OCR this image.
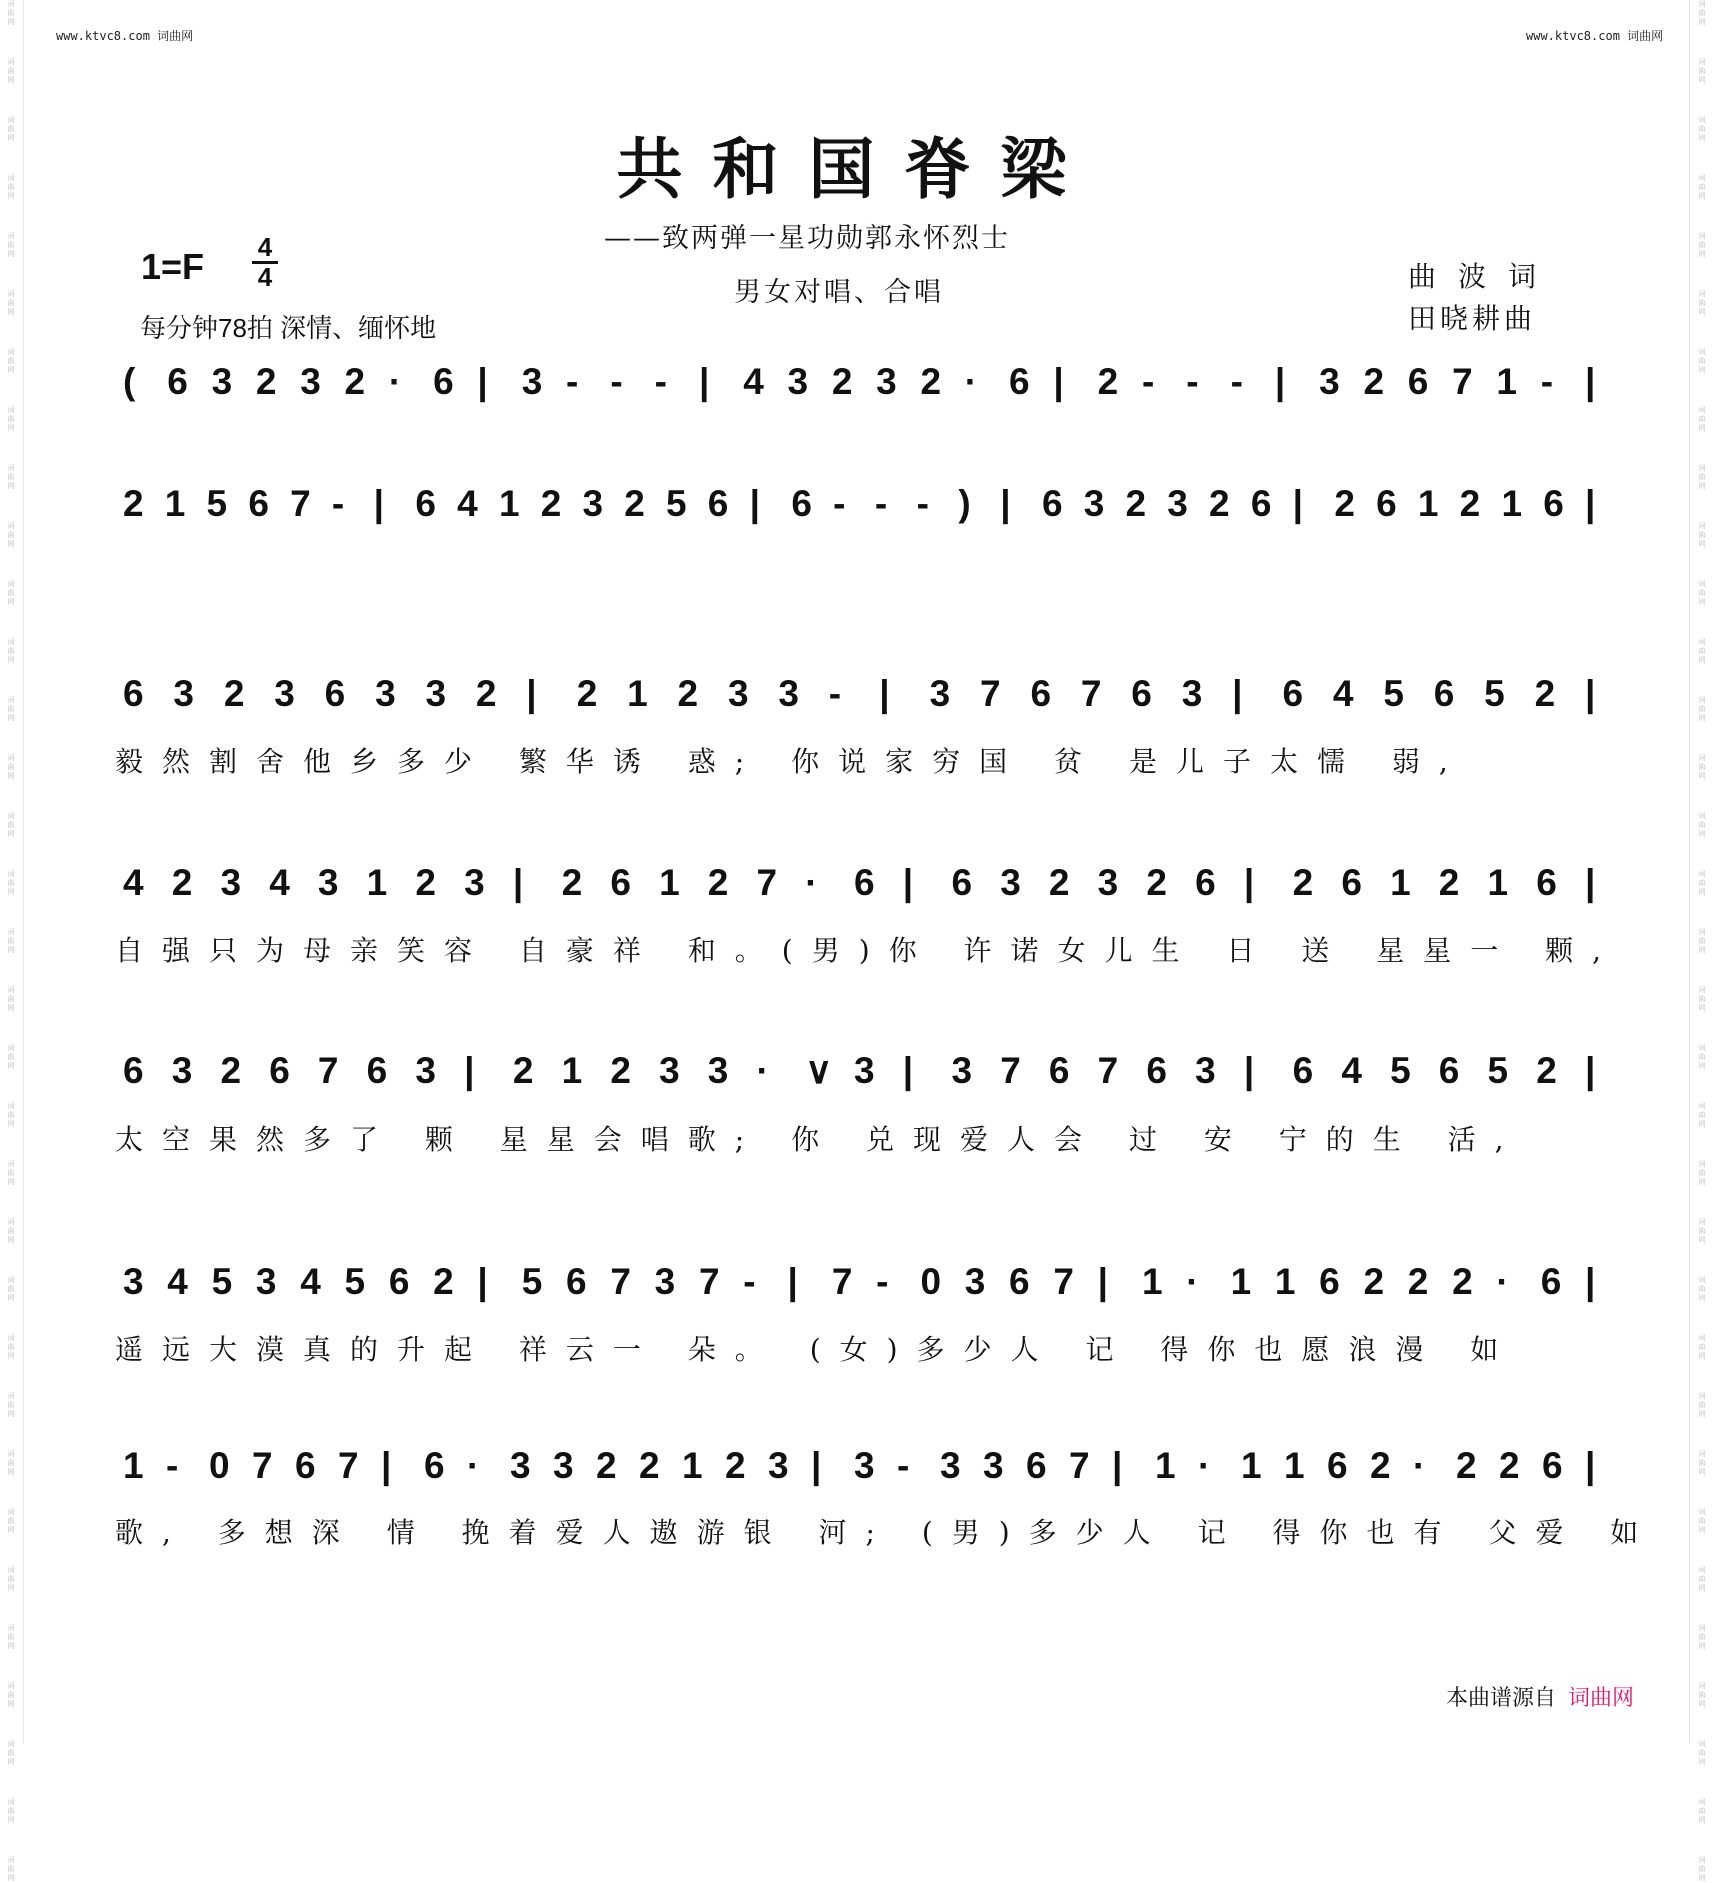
词
曲
网
词
曲
网
词
曲
网
词
曲
网
词
曲
网
词
曲
网
词
曲
网
词
曲
网
词
曲
网
词
曲
网
词
曲
网
词
曲
网
词
曲
网
词
曲
网
词
曲
网
词
曲
网
词
曲
网
词
曲
网
词
曲
网
词
曲
网
词
曲
网
词
曲
网
词
曲
网
词
曲
网
词
曲
网
词
曲
网
词
曲
网
词
曲
网
词
曲
网
词
曲
网
词
曲
网
词
曲
网
词
曲
网
词
曲
网
词
曲
网
词
曲
网
词
曲
网
词
曲
网
词
曲
网
词
曲
网
词
曲
网
词
曲
网
词
曲
网
词
曲
网
词
曲
网
词
曲
网
词
曲
网
词
曲
网
词
曲
网
词
曲
网
词
曲
网
词
曲
网
词
曲
网
词
曲
网
词
曲
网
词
曲
网
词
曲
网
词
曲
网
词
曲
网
词
曲
网
词
曲
网
词
曲
网
词
曲
网
词
曲
网
词
曲
网
词
曲
网
www.ktvc8.com 词曲网	www.ktvc8.com 词曲网
共和国脊梁
——致两弹一星功勋郭永怀烈士
男女对唱、合唱	曲波词
田晓耕曲
1=F 4
4
每分钟78拍 深情、缅怀地
( 6 3 2 3 2 · 6 | 3 - - - | 4 3 2 3 2 · 6 | 2 - - - | 3 2 6 7 1 - |
2 1 5 6 7 - | 6 4 1 2 3 2 5 6 | 6 - - - ) | 6 3 2 3 2 6 | 2 6 1 2 1 6 |
6 3 2 3 6 3 3 2 | 2 1 2 3 3 - | 3 7 6 7 6 3 | 6 4 5 6 5 2 |
毅然割舍他乡多少 繁华诱 惑; 你说家穷国 贫 是儿子太懦 弱,
4 2 3 4 3 1 2 3 | 2 6 1 2 7 · 6 | 6 3 2 3 2 6 | 2 6 1 2 1 6 |
自强只为母亲笑容 自豪祥 和。(男)你 许诺女儿生 日 送 星星一 颗,
6 3 2 6 7 6 3 | 2 1 2 3 3 · ∨ 3 | 3 7 6 7 6 3 | 6 4 5 6 5 2 |
太空果然多了 颗 星星会唱歌; 你 兑现爱人会 过 安 宁的生 活,
3 4 5 3 4 5 6 2 | 5 6 7 3 7 - | 7 - 0 3 6 7 | 1 · 1 1 6 2 2 2 · 6 |
遥远大漠真的升起 祥云一 朵。 (女)多少人 记 得你也愿浪漫 如
1 - 0 7 6 7 | 6 · 3 3 2 2 1 2 3 | 3 - 3 3 6 7 | 1 · 1 1 6 2 · 2 2 6 |
歌, 多想深 情 挽着爱人遨游银 河; (男)多少人 记 得你也有 父爱 如
本曲谱源自 词曲网
